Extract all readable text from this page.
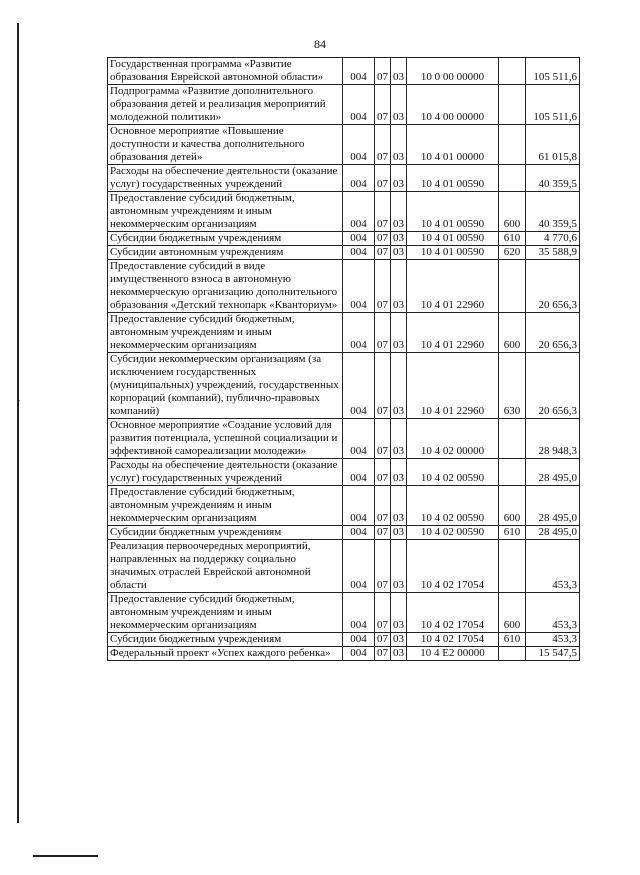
-
84
Государственная программа «Развитие образования Еврейской автономной области»	004	07	03	10 0 00 00000		105 511,6
Подпрограмма «Развитие дополнительного образования детей и реализация мероприятий молодежной политики»	004	07	03	10 4 00 00000		105 511,6
Основное мероприятие «Повышение доступности и качества дополнительного образования детей»	004	07	03	10 4 01 00000		61 015,8
Расходы на обеспечение деятельности (оказание услуг) государственных учреждений	004	07	03	10 4 01 00590		40 359,5
Предоставление субсидий бюджетным, автономным учреждениям и иным некоммерческим организациям	004	07	03	10 4 01 00590	600	40 359,5
Субсидии бюджетным учреждениям	004	07	03	10 4 01 00590	610	4 770,6
Субсидии автономным учреждениям	004	07	03	10 4 01 00590	620	35 588,9
Предоставление субсидий в виде имущественного взноса в автономную некоммерческую организацию дополнительного образования «Детский технопарк «Кванториум»	004	07	03	10 4 01 22960		20 656,3
Предоставление субсидий бюджетным, автономным учреждениям и иным некоммерческим организациям	004	07	03	10 4 01 22960	600	20 656,3
Субсидии некоммерческим организациям (за исключением государственных (муниципальных) учреждений, государственных корпораций (компаний), публично-правовых компаний)	004	07	03	10 4 01 22960	630	20 656,3
Основное мероприятие «Создание условий для развития потенциала, успешной социализации и эффективной самореализации молодежи»	004	07	03	10 4 02 00000		28 948,3
Расходы на обеспечение деятельности (оказание услуг) государственных учреждений	004	07	03	10 4 02 00590		28 495,0
Предоставление субсидий бюджетным, автономным учреждениям и иным некоммерческим организациям	004	07	03	10 4 02 00590	600	28 495,0
Субсидии бюджетным учреждениям	004	07	03	10 4 02 00590	610	28 495,0
Реализация первоочередных мероприятий, направленных на поддержку социально значимых отраслей Еврейской автономной области	004	07	03	10 4 02 17054		453,3
Предоставление субсидий бюджетным, автономным учреждениям и иным некоммерческим организациям	004	07	03	10 4 02 17054	600	453,3
Субсидии бюджетным учреждениям	004	07	03	10 4 02 17054	610	453,3
Федеральный проект «Успех каждого ребенка»	004	07	03	10 4 E2 00000		15 547,5
